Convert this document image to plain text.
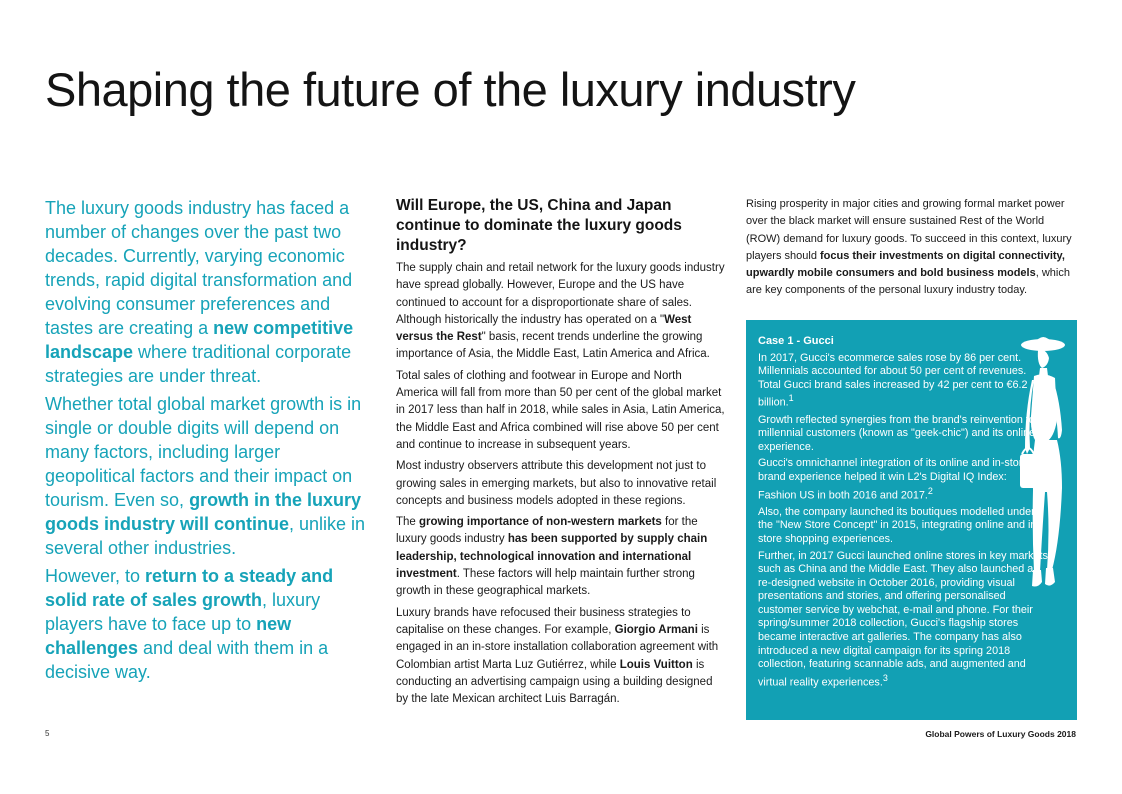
Shaping the future of the luxury industry

The luxury goods industry has faced a number of changes over the past two decades. Currently, varying economic trends, rapid digital transformation and evolving consumer preferences and tastes are creating a new competitive landscape where traditional corporate strategies are under threat.

Whether total global market growth is in single or double digits will depend on many factors, including larger geopolitical factors and their impact on tourism. Even so, growth in the luxury goods industry will continue, unlike in several other industries.

However, to return to a steady and solid rate of sales growth, luxury players have to face up to new challenges and deal with them in a decisive way.

Will Europe, the US, China and Japan continue to dominate the luxury goods industry?

The supply chain and retail network for the luxury goods industry have spread globally. However, Europe and the US have continued to account for a disproportionate share of sales. Although historically the industry has operated on a "West versus the Rest" basis, recent trends underline the growing importance of Asia, the Middle East, Latin America and Africa.

Total sales of clothing and footwear in Europe and North America will fall from more than 50 per cent of the global market in 2017 less than half in 2018, while sales in Asia, Latin America, the Middle East and Africa combined will rise above 50 per cent and continue to increase in subsequent years.

Most industry observers attribute this development not just to growing sales in emerging markets, but also to innovative retail concepts and business models adopted in these regions.

The growing importance of non-western markets for the luxury goods industry has been supported by supply chain leadership, technological innovation and international investment. These factors will help maintain further strong growth in these geographical markets.

Luxury brands have refocused their business strategies to capitalise on these changes. For example, Giorgio Armani is engaged in an in-store installation collaboration agreement with Colombian artist Marta Luz Gutiérrez, while Louis Vuitton is conducting an advertising campaign using a building designed by the late Mexican architect Luis Barragán.

Rising prosperity in major cities and growing formal market power over the black market will ensure sustained Rest of the World (ROW) demand for luxury goods. To succeed in this context, luxury players should focus their investments on digital connectivity, upwardly mobile consumers and bold business models, which are key components of the personal luxury industry today.

Case 1 - Gucci

In 2017, Gucci's ecommerce sales rose by 86 per cent. Millennials accounted for about 50 per cent of revenues. Total Gucci brand sales increased by 42 per cent to €6.2 billion.$^1$

Growth reflected synergies from the brand's reinvention for millennial customers (known as "geek-chic") and its online experience.

Gucci's omnichannel integration of its online and in-store brand experience helped it win L2's Digital IQ Index: Fashion US in both 2016 and 2017.$^2$

Also, the company launched its boutiques modelled under the "New Store Concept" in 2015, integrating online and in-store shopping experiences.

Further, in 2017 Gucci launched online stores in key markets such as China and the Middle East. They also launched a re-designed website in October 2016, providing visual presentations and stories, and offering personalised customer service by webchat, e-mail and phone. For their spring/summer 2018 collection, Gucci's flagship stores became interactive art galleries. The company has also introduced a new digital campaign for its spring 2018 collection, featuring scannable ads, and augmented and virtual reality experiences.$^3$

5	Global Powers of Luxury Goods 2018
